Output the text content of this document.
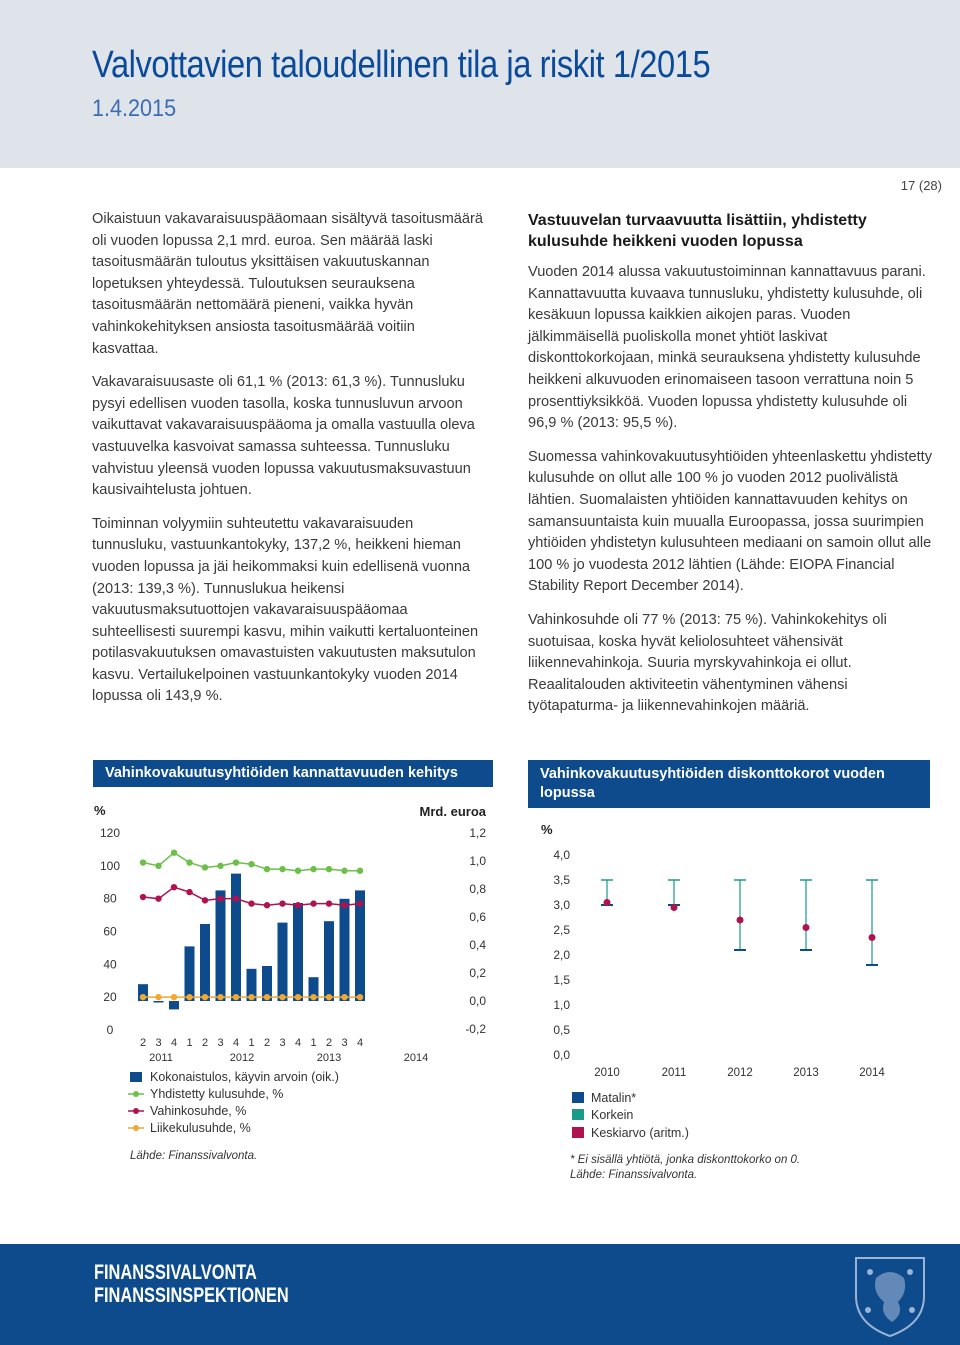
Valvottavien taloudellinen tila ja riskit 1/2015
1.4.2015
17 (28)

Oikaistuun vakavaraisuuspääomaan sisältyvä tasoitusmäärä oli vuoden lopussa 2,1 mrd. euroa. Sen määrää laski tasoitusmäärän tuloutus yksittäisen vakuutuskannan lopetuksen yhteydessä. Tuloutuksen seurauksena tasoitusmäärän nettomäärä pieneni, vaikka hyvän vahinkokehityksen ansiosta tasoitusmäärää voitiin kasvattaa.

Vakavaraisuusaste oli 61,1 % (2013: 61,3 %). Tunnusluku pysyi edellisen vuoden tasolla, koska tunnusluvun arvoon vaikuttavat vakavaraisuuspääoma ja omalla vastuulla oleva vastuuvelka kasvoivat samassa suhteessa. Tunnusluku vahvistuu yleensä vuoden lopussa vakuutusmaksuvastuun kausivaihtelusta johtuen.

Toiminnan volyymiin suhteutettu vakavaraisuuden tunnusluku, vastuunkantokyky, 137,2 %, heikkeni hieman vuoden lopussa ja jäi heikommaksi kuin edellisenä vuonna (2013: 139,3 %). Tunnuslukua heikensi vakuutusmaksutuottojen vakavaraisuuspääomaa suhteellisesti suurempi kasvu, mihin vaikutti kertaluonteinen potilasvakuutuksen omavastuisten vakuutusten maksutulon kasvu. Vertailukelpoinen vastuunkantokyky vuoden 2014 lopussa oli 143,9 %.

Vastuuvelan turvaavuutta lisättiin, yhdistetty kulusuhde heikkeni vuoden lopussa

Vuoden 2014 alussa vakuutustoiminnan kannattavuus parani. Kannattavuutta kuvaava tunnusluku, yhdistetty kulusuhde, oli kesäkuun lopussa kaikkien aikojen paras. Vuoden jälkimmäisellä puoliskolla monet yhtiöt laskivat diskonttokorkojaan, minkä seurauksena yhdistetty kulusuhde heikkeni alkuvuoden erinomaiseen tasoon verrattuna noin 5 prosenttiyksikköä. Vuoden lopussa yhdistetty kulusuhde oli 96,9 % (2013: 95,5 %).

Suomessa vahinkovakuutusyhtiöiden yhteenlaskettu yhdistetty kulusuhde on ollut alle 100 % jo vuoden 2012 puolivälistä lähtien. Suomalaisten yhtiöiden kannattavuuden kehitys on samansuuntaista kuin muualla Euroopassa, jossa suurimpien yhtiöiden yhdistetyn kulusuhteen mediaani on samoin ollut alle 100 % jo vuodesta 2012 lähtien (Lähde: EIOPA Financial Stability Report December 2014).

Vahinkosuhde oli 77 % (2013: 75 %). Vahinkokehitys oli suotuisaa, koska hyvät keliolosuhteet vähensivät liikennevahinkoja. Suuria myrskyvahinkoja ei ollut. Reaalitalouden aktiviteetin vähentyminen vähensi työtapaturma- ja liikennevahinkojen määriä.

Vahinkovakuutusyhtiöiden kannattavuuden kehitys
%	Mrd. euroa
120
100
80
60
40
20
0
1,2
1,0
0,8
0,6
0,4
0,2
0,0
-0,2
2 3 4 1 2 3 4 1 2 3 4 1 2 3 4
2011	2012	2013	2014
Kokonaistulos, käyvin arvoin (oik.)
Yhdistetty kulusuhde, %
Vahinkosuhde, %
Liikekulusuhde, %
Lähde: Finanssivalvonta.
Vahinkovakuutusyhtiöiden diskonttokorot vuoden lopussa
%
4,0
3,5
3,0
2,5
2,0
1,5
1,0
0,5
0,0
2010	2011	2012	2013	2014
Matalin*
Korkein
Keskiarvo (aritm.)
* Ei sisällä yhtiötä, jonka diskonttokorko on 0.
Lähde: Finanssivalvonta.
FINANSSIVALVONTA
FINANSSINSPEKTIONEN
